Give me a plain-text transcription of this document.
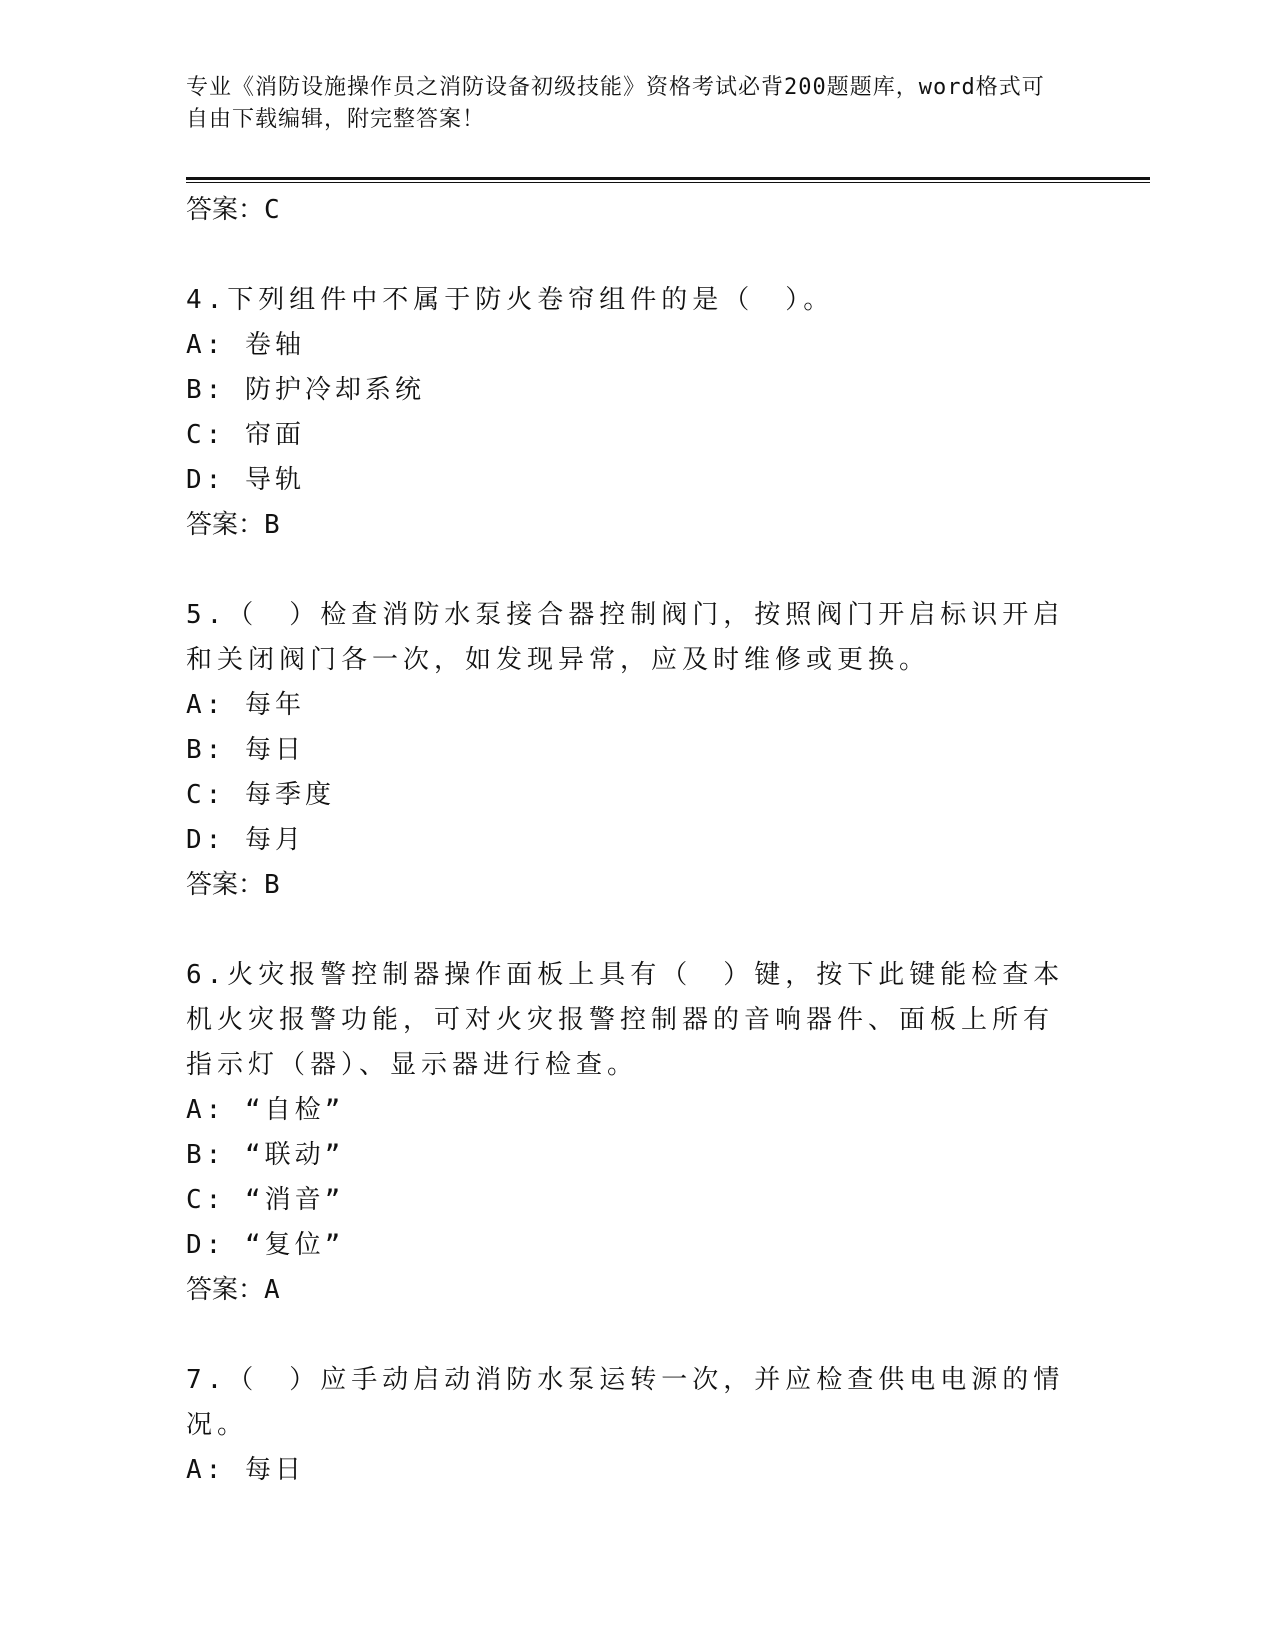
专业《消防设施操作员之消防设备初级技能》资格考试必背200题题库，word格式可自由下载编辑，附完整答案！
答案：C
4.下列组件中不属于防火卷帘组件的是（　）。
A: 卷轴
B: 防护冷却系统
C: 帘面
D: 导轨
答案：B
5.（　）检查消防水泵接合器控制阀门，按照阀门开启标识开启和关闭阀门各一次，如发现异常，应及时维修或更换。
A: 每年
B: 每日
C: 每季度
D: 每月
答案：B
6.火灾报警控制器操作面板上具有（　）键，按下此键能检查本机火灾报警功能，可对火灾报警控制器的音响器件、面板上所有指示灯（器）、显示器进行检查。
A: “自检”
B: “联动”
C: “消音”
D: “复位”
答案：A
7.（　）应手动启动消防水泵运转一次，并应检查供电电源的情况。
A: 每日
